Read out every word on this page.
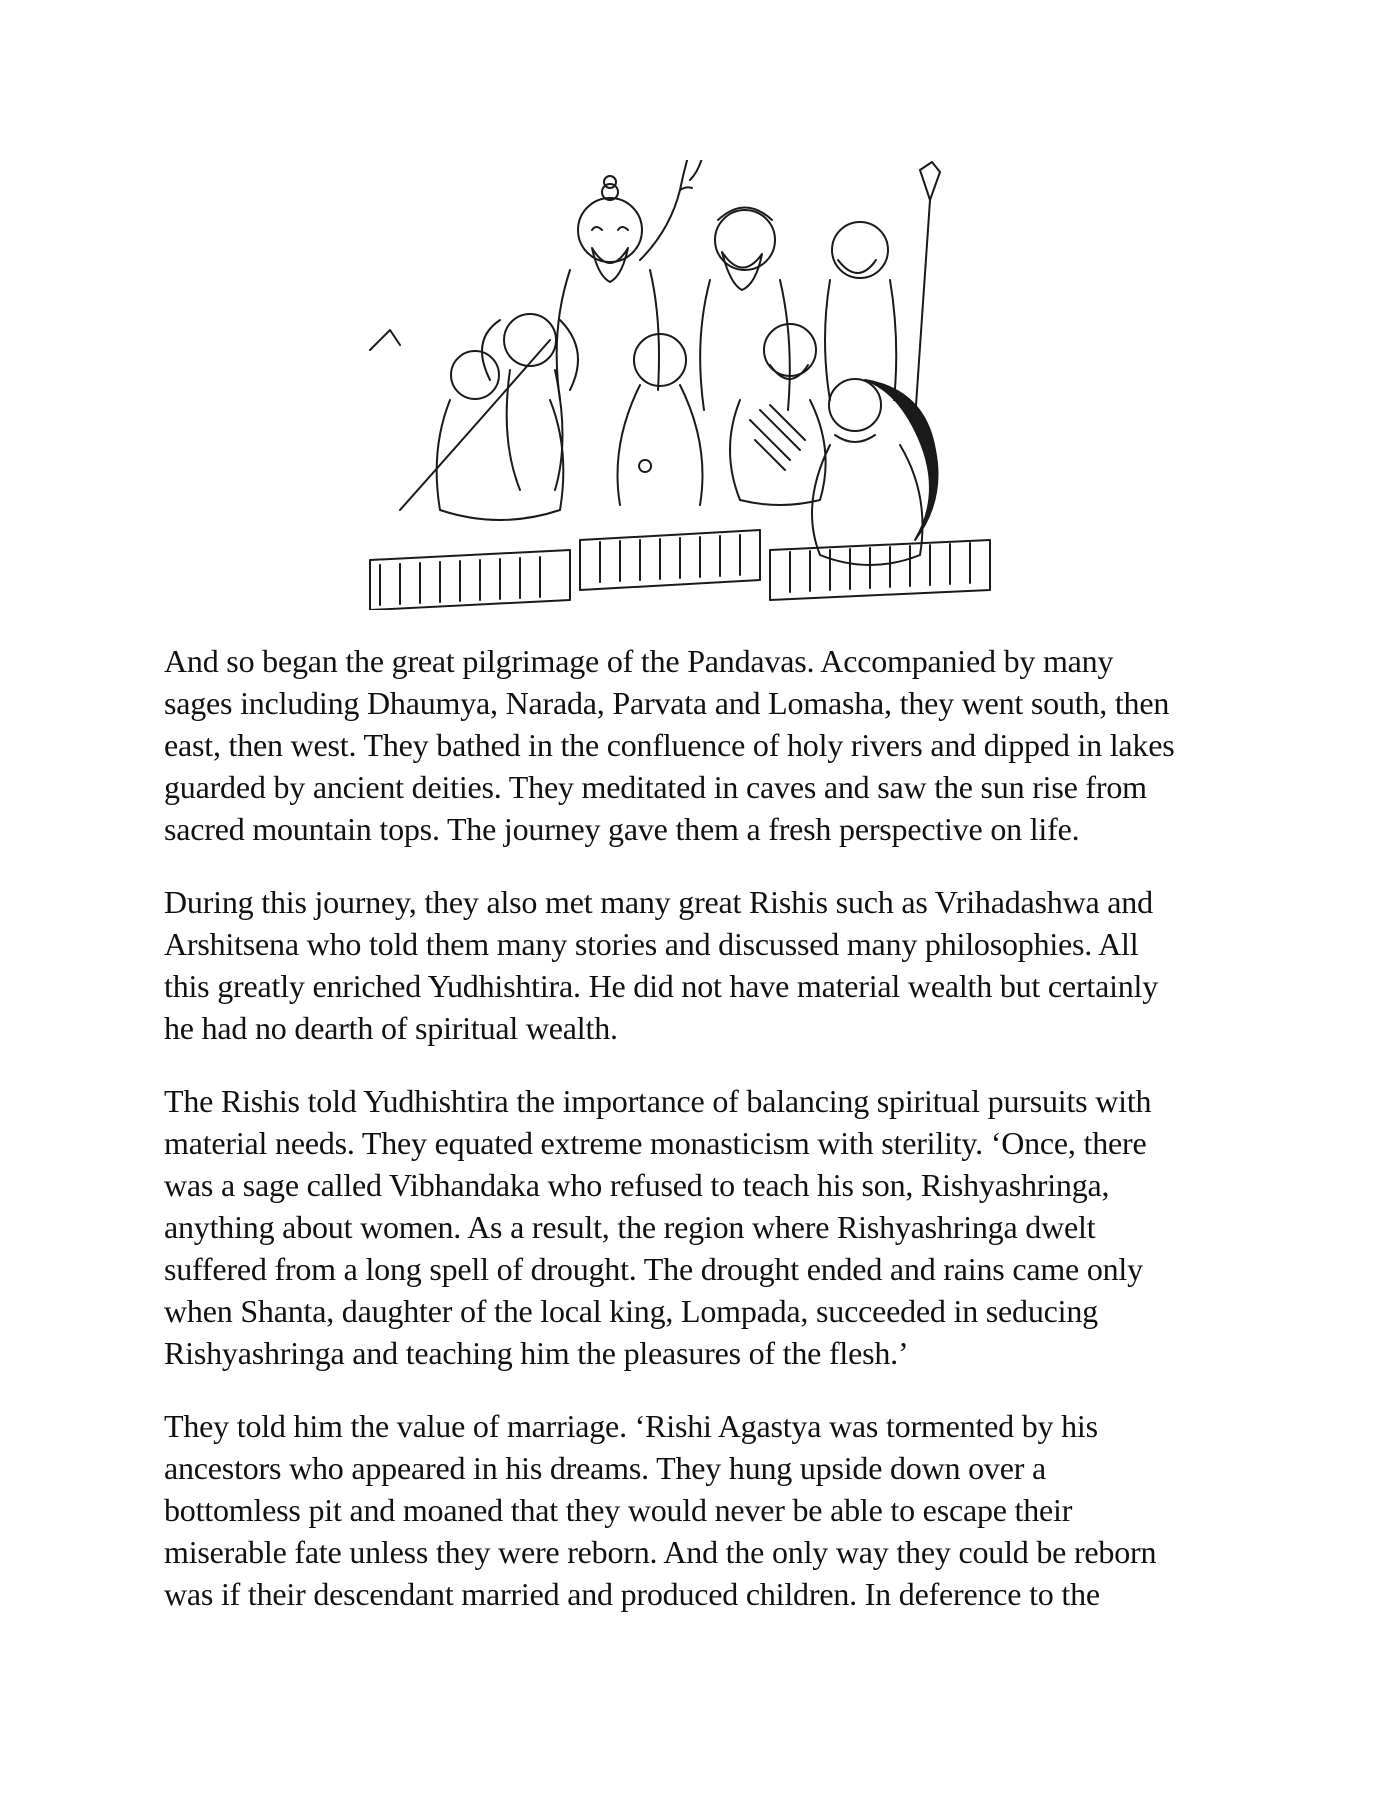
And so began the great pilgrimage of the Pandavas. Accompanied by many
sages including Dhaumya, Narada, Parvata and Lomasha, they went south, then
east, then west. They bathed in the confluence of holy rivers and dipped in lakes
guarded by ancient deities. They meditated in caves and saw the sun rise from
sacred mountain tops. The journey gave them a fresh perspective on life.

During this journey, they also met many great Rishis such as Vrihadashwa and
Arshitsena who told them many stories and discussed many philosophies. All
this greatly enriched Yudhishtira. He did not have material wealth but certainly
he had no dearth of spiritual wealth.

The Rishis told Yudhishtira the importance of balancing spiritual pursuits with
material needs. They equated extreme monasticism with sterility. ‘Once, there
was a sage called Vibhandaka who refused to teach his son, Rishyashringa,
anything about women. As a result, the region where Rishyashringa dwelt
suffered from a long spell of drought. The drought ended and rains came only
when Shanta, daughter of the local king, Lompada, succeeded in seducing
Rishyashringa and teaching him the pleasures of the flesh.’

They told him the value of marriage. ‘Rishi Agastya was tormented by his
ancestors who appeared in his dreams. They hung upside down over a
bottomless pit and moaned that they would never be able to escape their
miserable fate unless they were reborn. And the only way they could be reborn
was if their descendant married and produced children. In deference to the
